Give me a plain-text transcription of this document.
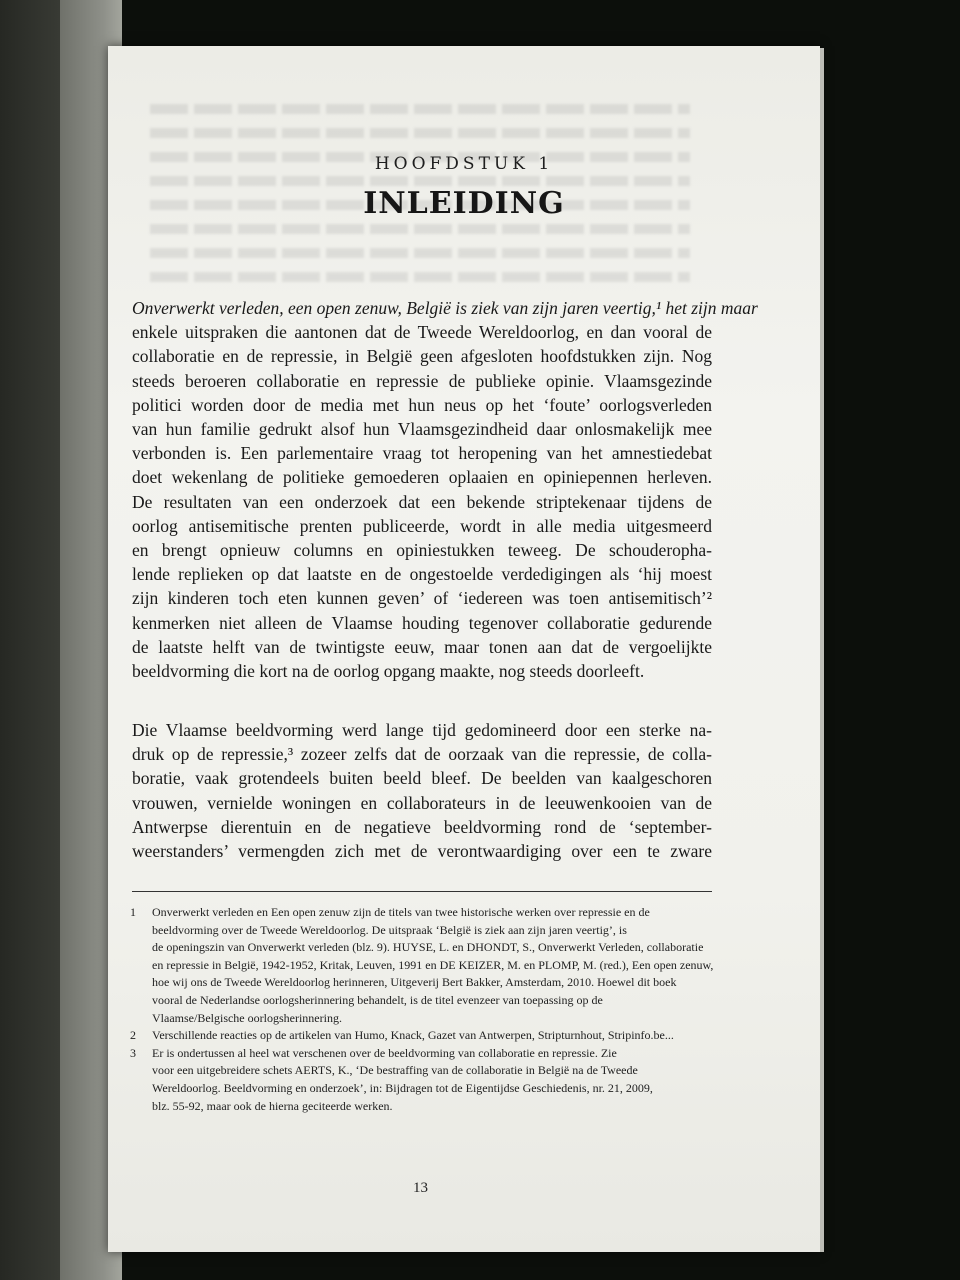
HOOFDSTUK 1
INLEIDING
Onverwerkt verleden, een open zenuw, België is ziek van zijn jaren veertig,¹ het zijn maar
enkele uitspraken die aantonen dat de Tweede Wereldoorlog, en dan vooral de
collaboratie en de repressie, in België geen afgesloten hoofdstukken zijn. Nog
steeds beroeren collaboratie en repressie de publieke opinie. Vlaamsgezinde
politici worden door de media met hun neus op het ‘foute’ oorlogsverleden
van hun familie gedrukt alsof hun Vlaamsgezindheid daar onlosmakelijk mee
verbonden is. Een parlementaire vraag tot heropening van het amnestiedebat
doet wekenlang de politieke gemoederen oplaaien en opiniepennen herleven.
De resultaten van een onderzoek dat een bekende striptekenaar tijdens de
oorlog antisemitische prenten publiceerde, wordt in alle media uitgesmeerd
en brengt opnieuw columns en opiniestukken teweeg. De schouderopha-
lende replieken op dat laatste en de ongestoelde verdedigingen als ‘hij moest
zijn kinderen toch eten kunnen geven’ of ‘iedereen was toen antisemitisch’²
kenmerken niet alleen de Vlaamse houding tegenover collaboratie gedurende
de laatste helft van de twintigste eeuw, maar tonen aan dat de vergoelijkte
beeldvorming die kort na de oorlog opgang maakte, nog steeds doorleeft.
Die Vlaamse beeldvorming werd lange tijd gedomineerd door een sterke na-
druk op de repressie,³ zozeer zelfs dat de oorzaak van die repressie, de colla-
boratie, vaak grotendeels buiten beeld bleef. De beelden van kaalgeschoren
vrouwen, vernielde woningen en collaborateurs in de leeuwenkooien van de
Antwerpse dierentuin en de negatieve beeldvorming rond de ‘september-
weerstanders’ vermengden zich met de verontwaardiging over een te zware
1 Onverwerkt verleden en Een open zenuw zijn de titels van twee historische werken over repressie en de
beeldvorming over de Tweede Wereldoorlog. De uitspraak ‘België is ziek aan zijn jaren veertig’, is
de openingszin van Onverwerkt verleden (blz. 9). HUYSE, L. en DHONDT, S., Onverwerkt Verleden, collaboratie
en repressie in België, 1942-1952, Kritak, Leuven, 1991 en DE KEIZER, M. en PLOMP, M. (red.), Een open zenuw,
hoe wij ons de Tweede Wereldoorlog herinneren, Uitgeverij Bert Bakker, Amsterdam, 2010. Hoewel dit boek
vooral de Nederlandse oorlogsherinnering behandelt, is de titel evenzeer van toepassing op de
Vlaamse/Belgische oorlogsherinnering.
2 Verschillende reacties op de artikelen van Humo, Knack, Gazet van Antwerpen, Stripturnhout, Stripinfo.be...
3 Er is ondertussen al heel wat verschenen over de beeldvorming van collaboratie en repressie. Zie
voor een uitgebreidere schets AERTS, K., ‘De bestraffing van de collaboratie in België na de Tweede
Wereldoorlog. Beeldvorming en onderzoek’, in: Bijdragen tot de Eigentijdse Geschiedenis, nr. 21, 2009,
blz. 55-92, maar ook de hierna geciteerde werken.
13
